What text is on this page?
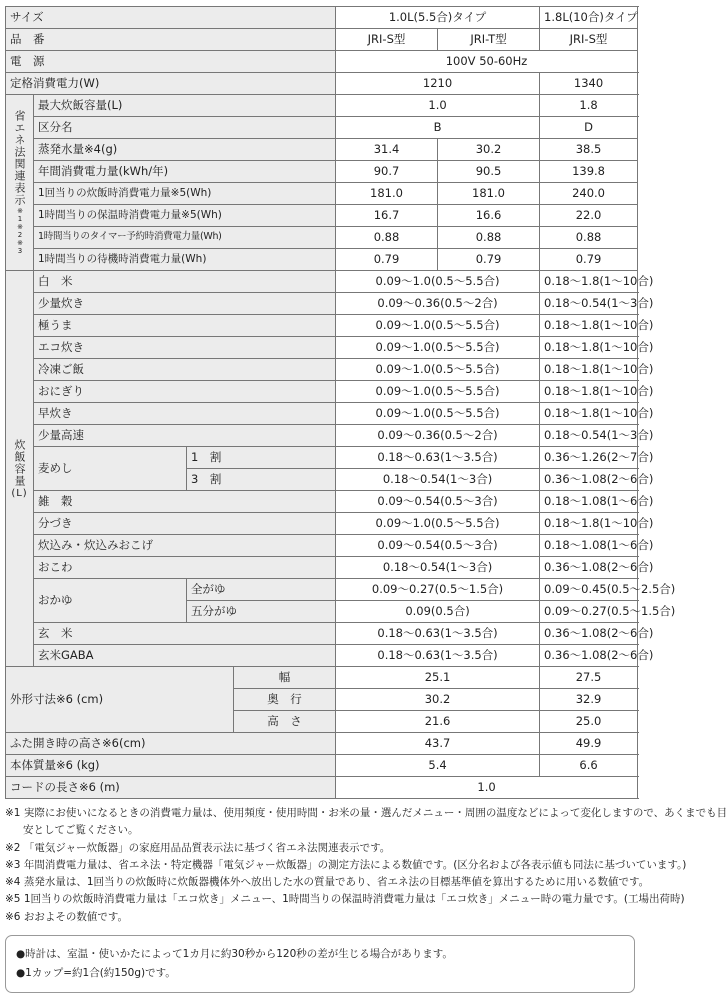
サイズ				1.0L(5.5合)タイプ		1.8L(10合)タイプ	
品　番				JRI-S型	JRI-T型	JRI-S型	
電　源				100V 50-60Hz			
定格消費電力(W)				1210		1340	

省エネ法関連表示
※1※2※3	最大炊飯容量(L)			1.0		1.8	
	区分名			B		D	
	蒸発水量※4(g)			31.4	30.2	38.5	
	年間消費電力量(kWh/年)			90.7	90.5	139.8	
	1回当りの炊飯時消費電力量※5(Wh)			181.0	181.0	240.0	
	1時間当りの保温時消費電力量※5(Wh)			16.7	16.6	22.0	
	1時間当りのタイマー予約時消費電力量(Wh)			0.88	0.88	0.88	
	1時間当りの待機時消費電力量(Wh)			0.79	0.79	0.79	

炊飯容量
(L)	白　米			0.09〜1.0(0.5〜5.5合)		0.18〜1.8(1〜10合)	
	少量炊き			0.09〜0.36(0.5〜2合)		0.18〜0.54(1〜3合)	
	極うま			0.09〜1.0(0.5〜5.5合)		0.18〜1.8(1〜10合)	
	エコ炊き			0.09〜1.0(0.5〜5.5合)		0.18〜1.8(1〜10合)	
	冷凍ご飯			0.09〜1.0(0.5〜5.5合)		0.18〜1.8(1〜10合)	
	おにぎり			0.09〜1.0(0.5〜5.5合)		0.18〜1.8(1〜10合)	
	早炊き			0.09〜1.0(0.5〜5.5合)		0.18〜1.8(1〜10合)	
	少量高速			0.09〜0.36(0.5〜2合)		0.18〜0.54(1〜3合)	
	麦めし	1　割		0.18〜0.63(1〜3.5合)		0.36〜1.26(2〜7合)	
		3　割		0.18〜0.54(1〜3合)		0.36〜1.08(2〜6合)	
	雑　穀			0.09〜0.54(0.5〜3合)		0.18〜1.08(1〜6合)	
	分づき			0.09〜1.0(0.5〜5.5合)		0.18〜1.8(1〜10合)	
	炊込み・炊込みおこげ			0.09〜0.54(0.5〜3合)		0.18〜1.08(1〜6合)	
	おこわ			0.18〜0.54(1〜3合)		0.36〜1.08(2〜6合)	
	おかゆ	全がゆ		0.09〜0.27(0.5〜1.5合)		0.09〜0.45(0.5〜2.5合)	
		五分がゆ		0.09(0.5合)		0.09〜0.27(0.5〜1.5合)	
	玄　米			0.18〜0.63(1〜3.5合)		0.36〜1.08(2〜6合)	
	玄米GABA			0.18〜0.63(1〜3.5合)		0.36〜1.08(2〜6合)	
外形寸法※6 (cm)			幅	25.1		27.5	
			奥　行	30.2		32.9	
			高　さ	21.6		25.0	
ふた開き時の高さ※6(cm)				43.7		49.9	
本体質量※6 (kg)				5.4		6.6	
コードの長さ※6 (m)				1.0			
※1 実際にお使いになるときの消費電力量は、使用頻度・使用時間・お米の量・選んだメニュー・周囲の温度などによって変化しますので、あくまでも目
安としてご覧ください。
※2 「電気ジャー炊飯器」の家庭用品品質表示法に基づく省エネ法関連表示です。
※3 年間消費電力量は、省エネ法・特定機器「電気ジャー炊飯器」の測定方法による数値です。(区分名および各表示値も同法に基づいています。)
※4 蒸発水量は、1回当りの炊飯時に炊飯器機体外へ放出した水の質量であり、省エネ法の目標基準値を算出するために用いる数値です。
※5 1回当りの炊飯時消費電力量は「エコ炊き」メニュー、1時間当りの保温時消費電力量は「エコ炊き」メニュー時の電力量です。(工場出荷時)
※6 おおよその数値です。
●時計は、室温・使いかたによって1カ月に約30秒から120秒の差が生じる場合があります。
●1カップ=約1合(約150g)です。
